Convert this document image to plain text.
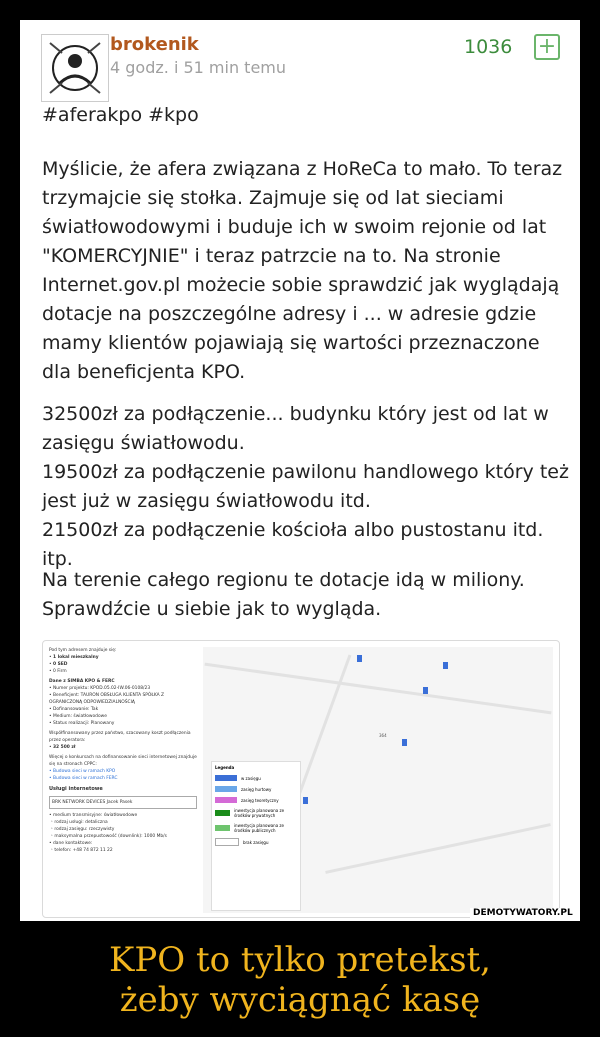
brokenik
4 godz. i 51 min temu
1036 +
#aferakpo #kpo
Myślicie, że afera związana z HoReCa to mało. To teraz trzymajcie się stołka. Zajmuje się od lat sieciami światłowodowymi i buduje ich w swoim rejonie od lat "KOMERCYJNIE" i teraz patrzcie na to. Na stronie Internet.gov.pl możecie sobie sprawdzić jak wyglądają dotacje na poszczególne adresy i ... w adresie gdzie mamy klientów pojawiają się wartości przeznaczone dla beneficjenta KPO.
32500zł za podłączenie... budynku który jest od lat w zasięgu światłowodu.
19500zł za podłączenie pawilonu handlowego który też jest już w zasięgu światłowodu itd.
21500zł za podłączenie kościoła albo pustostanu itd. itp.
Na terenie całego regionu te dotacje idą w miliony. Sprawdźcie u siebie jak to wygląda.
Pod tym adresem znajduje się:
• 1 lokal mieszkalny
• 0 SED
• 0 Firm
Dane z SIMBA KPO & FERC
• Numer projektu: KPOD.05.02-IW.06-0108/23
• Beneficjent: TAURON OBSŁUGA KLIENTA SPÓŁKA Z OGRANICZONĄ ODPOWIEDZIALNOŚCIĄ
• Dofinansowanie: Tak
• Medium: światłowodowe
• Status realizacji: Planowany
Współfinansowany przez państwo, szacowany koszt podłączenia przez operatora:
• 32 500 zł
Więcej o konkursach na dofinansowanie sieci internetowej znajduje się na stronach CPPC:
• Budowa sieci w ramach KPO
• Budowa sieci w ramach FERC
Usługi internetowe
BRK NETWORK DEVICES Jacek Pasek
• medium transmisyjne: światłowodowe
◦ rodzaj usługi: detaliczna
◦ rodzaj zasięgu: rzeczywisty
◦ maksymalna przepustowość (downlink): 1000 Mb/s
• dane kontaktowe:
◦ telefon: +48 74 872 11 22
364
Legenda
w zasięgu
zasięg hurtowy
zasięg teoretyczny
inwestycja planowana ze środków prywatnych
inwestycja planowana ze środków publicznych
brak zasięgu
DEMOTYWATORY.PL
KPO to tylko pretekst,
żeby wyciągnąć kasę
